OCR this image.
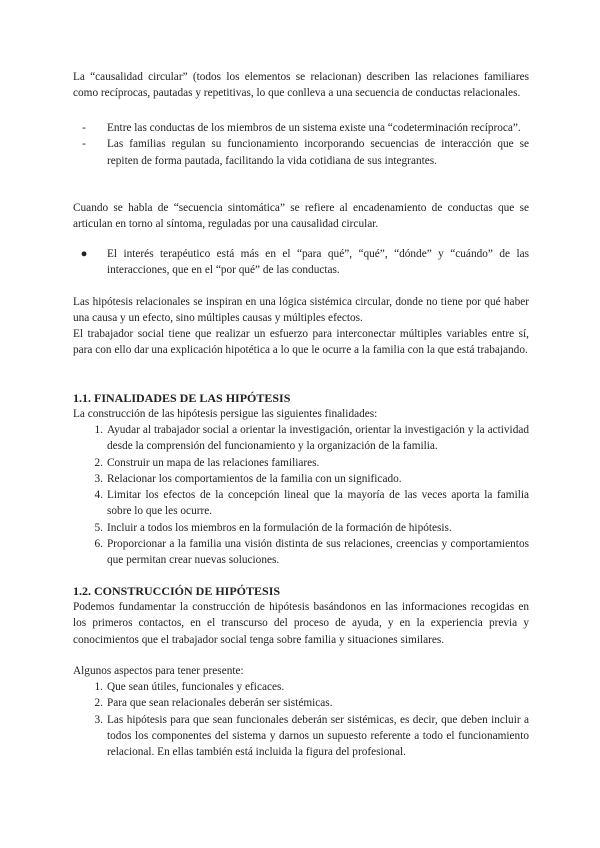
La “causalidad circular” (todos los elementos se relacionan) describen las relaciones familiares como recíprocas, pautadas y repetitivas, lo que conlleva a una secuencia de conductas relacionales.

-	Entre las conductas de los miembros de un sistema existe una “codeterminación recíproca”.
-	Las familias regulan su funcionamiento incorporando secuencias de interacción que se repiten de forma pautada, facilitando la vida cotidiana de sus integrantes.

Cuando se habla de “secuencia sintomática” se refiere al encadenamiento de conductas que se articulan en torno al síntoma, reguladas por una causalidad circular.

●	El interés terapéutico está más en el “para qué”, “qué”, “dónde” y “cuándo” de las interacciones, que en el “por qué” de las conductas.

Las hipótesis relacionales se inspiran en una lógica sistémica circular, donde no tiene por qué haber una causa y un efecto, sino múltiples causas y múltiples efectos.

El trabajador social tiene que realizar un esfuerzo para interconectar múltiples variables entre sí, para con ello dar una explicación hipotética a lo que le ocurre a la familia con la que está trabajando.

1.1. FINALIDADES DE LAS HIPÓTESIS

La construcción de las hipótesis persigue las siguientes finalidades:

1. Ayudar al trabajador social a orientar la investigación, orientar la investigación y la actividad desde la comprensión del funcionamiento y la organización de la familia.
2. Construir un mapa de las relaciones familiares.
3. Relacionar los comportamientos de la familia con un significado.
4. Limitar los efectos de la concepción lineal que la mayoría de las veces aporta la familia sobre lo que les ocurre.
5. Incluir a todos los miembros en la formulación de la formación de hipótesis.
6. Proporcionar a la familia una visión distinta de sus relaciones, creencias y comportamientos que permitan crear nuevas soluciones.
1.2. CONSTRUCCIÓN DE HIPÓTESIS

Podemos fundamentar la construcción de hipótesis basándonos en las informaciones recogidas en los primeros contactos, en el transcurso del proceso de ayuda, y en la experiencia previa y conocimientos que el trabajador social tenga sobre familia y situaciones similares.

Algunos aspectos para tener presente:

1. Que sean útiles, funcionales y eficaces.
2. Para que sean relacionales deberán ser sistémicas.
3. Las hipótesis para que sean funcionales deberán ser sistémicas, es decir, que deben incluir a todos los componentes del sistema y darnos un supuesto referente a todo el funcionamiento relacional. En ellas también está incluida la figura del profesional.
